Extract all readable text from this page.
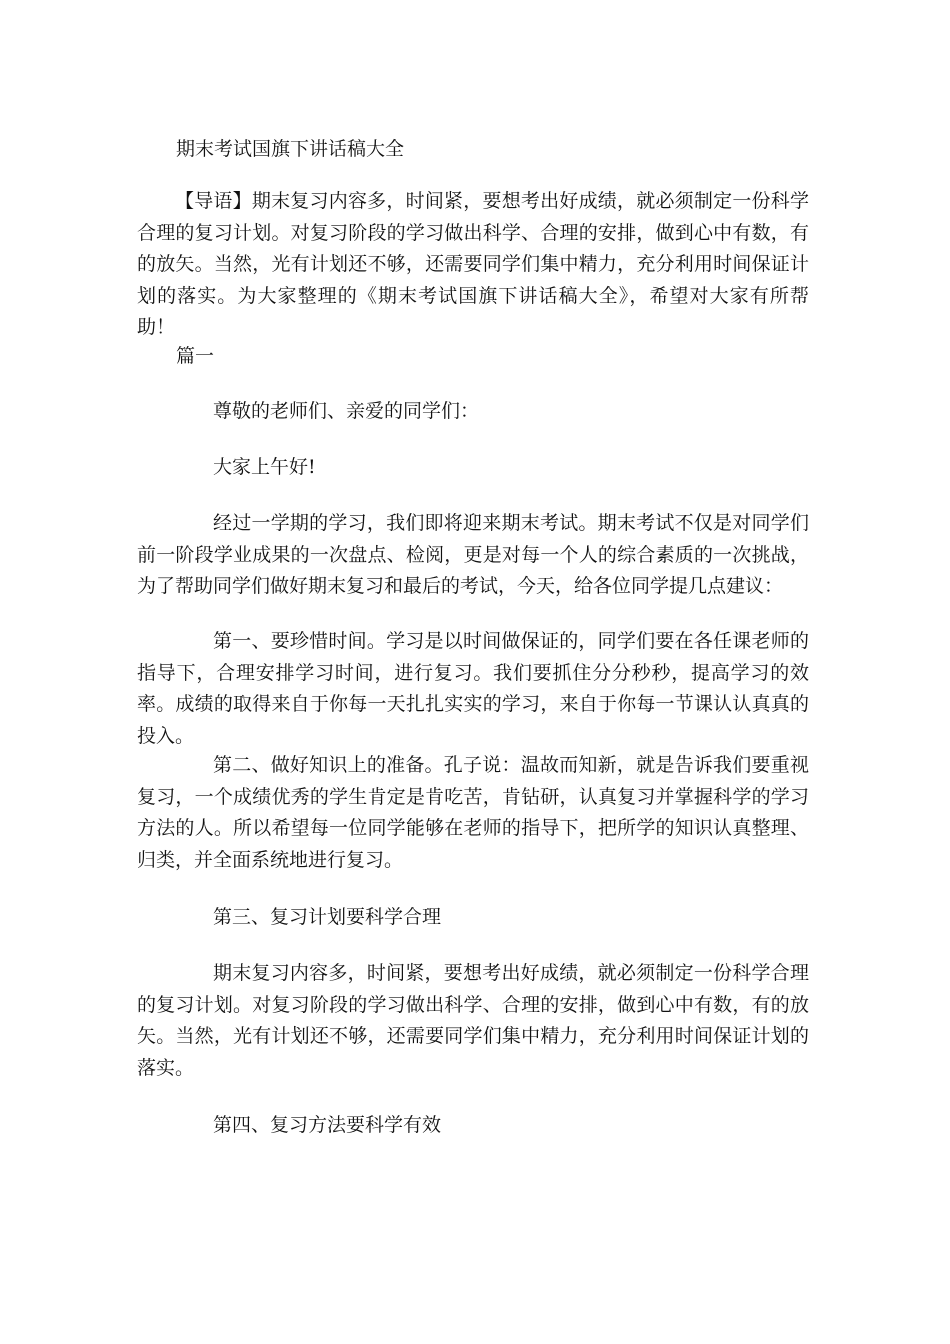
期末考试国旗下讲话稿大全
【导语】期末复习内容多，时间紧，要想考出好成绩，就必须制定一份科学合理的复习计划。对复习阶段的学习做出科学、合理的安排，做到心中有数，有的放矢。当然，光有计划还不够，还需要同学们集中精力，充分利用时间保证计划的落实。为大家整理的《期末考试国旗下讲话稿大全》，希望对大家有所帮助！
篇一
尊敬的老师们、亲爱的同学们：
大家上午好!
经过一学期的学习，我们即将迎来期末考试。期末考试不仅是对同学们前一阶段学业成果的一次盘点、检阅，更是对每一个人的综合素质的一次挑战，为了帮助同学们做好期末复习和最后的考试，今天，给各位同学提几点建议：
第一、要珍惜时间。学习是以时间做保证的，同学们要在各任课老师的指导下，合理安排学习时间，进行复习。我们要抓住分分秒秒，提高学习的效率。成绩的取得来自于你每一天扎扎实实的学习，来自于你每一节课认认真真的投入。
第二、做好知识上的准备。孔子说：温故而知新，就是告诉我们要重视复习，一个成绩优秀的学生肯定是肯吃苦，肯钻研，认真复习并掌握科学的学习方法的人。所以希望每一位同学能够在老师的指导下，把所学的知识认真整理、归类，并全面系统地进行复习。
第三、复习计划要科学合理
期末复习内容多，时间紧，要想考出好成绩，就必须制定一份科学合理的复习计划。对复习阶段的学习做出科学、合理的安排，做到心中有数，有的放矢。当然，光有计划还不够，还需要同学们集中精力，充分利用时间保证计划的落实。
第四、复习方法要科学有效
